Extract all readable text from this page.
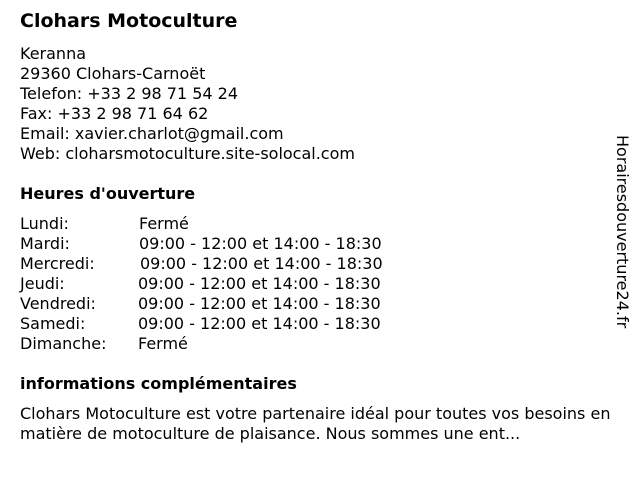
Clohars Motoculture
Keranna
29360 Clohars-Carnoët
Telefon: +33 2 98 71 54 24
Fax: +33 2 98 71 64 62
Email: xavier.charlot@gmail.com
Web: cloharsmotoculture.site-solocal.com
Heures d'ouverture
Lundi:	Fermé
Mardi:	09:00 - 12:00 et 14:00 - 18:30
Mercredi:	09:00 - 12:00 et 14:00 - 18:30
Jeudi:	09:00 - 12:00 et 14:00 - 18:30
Vendredi:	09:00 - 12:00 et 14:00 - 18:30
Samedi:	09:00 - 12:00 et 14:00 - 18:30
Dimanche: Fermé
informations complémentaires
Clohars Motoculture est votre partenaire idéal pour toutes vos besoins en matière de motoculture de plaisance. Nous sommes une ent...
Horairesdouverture24.fr
